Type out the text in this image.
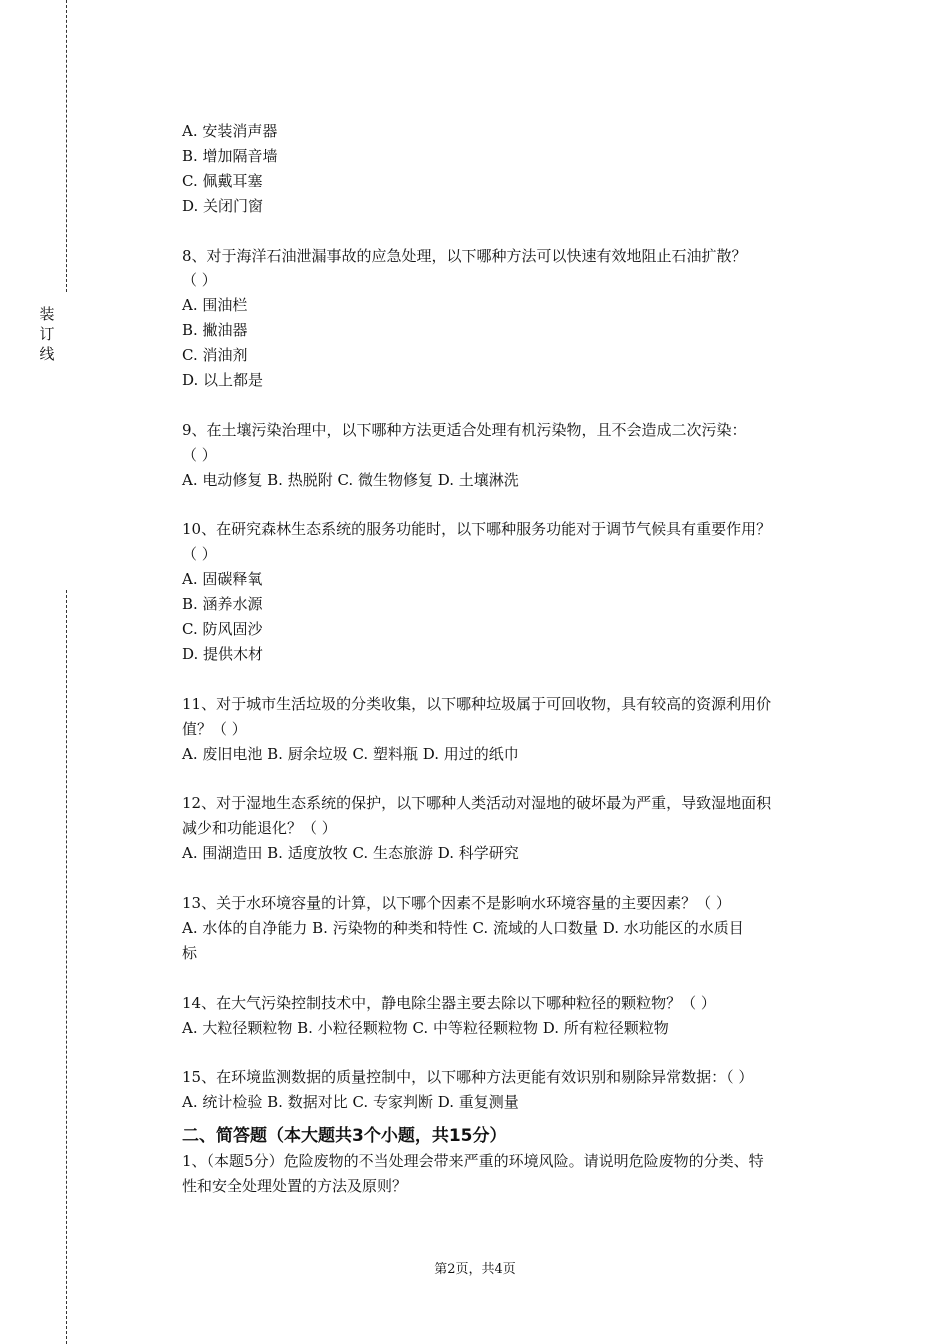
装
订
线
A. 安装消声器
B. 增加隔音墙
C. 佩戴耳塞
D. 关闭门窗
8、对于海洋石油泄漏事故的应急处理，以下哪种方法可以快速有效地阻止石油扩散？
（ ）
A. 围油栏
B. 撇油器
C. 消油剂
D. 以上都是
9、在土壤污染治理中，以下哪种方法更适合处理有机污染物，且不会造成二次污染：
（ ）
A. 电动修复 B. 热脱附 C. 微生物修复 D. 土壤淋洗
10、在研究森林生态系统的服务功能时，以下哪种服务功能对于调节气候具有重要作用？
（ ）
A. 固碳释氧
B. 涵养水源
C. 防风固沙
D. 提供木材
11、对于城市生活垃圾的分类收集，以下哪种垃圾属于可回收物，具有较高的资源利用价
值？（ ）
A. 废旧电池 B. 厨余垃圾 C. 塑料瓶 D. 用过的纸巾
12、对于湿地生态系统的保护，以下哪种人类活动对湿地的破坏最为严重，导致湿地面积
减少和功能退化？（ ）
A. 围湖造田 B. 适度放牧 C. 生态旅游 D. 科学研究
13、关于水环境容量的计算，以下哪个因素不是影响水环境容量的主要因素？（ ）
A. 水体的自净能力 B. 污染物的种类和特性 C. 流域的人口数量 D. 水功能区的水质目
标
14、在大气污染控制技术中，静电除尘器主要去除以下哪种粒径的颗粒物？（ ）
A. 大粒径颗粒物 B. 小粒径颗粒物 C. 中等粒径颗粒物 D. 所有粒径颗粒物
15、在环境监测数据的质量控制中，以下哪种方法更能有效识别和剔除异常数据：（ ）
A. 统计检验 B. 数据对比 C. 专家判断 D. 重复测量
二、简答题（本大题共3个小题，共15分）
1、（本题5分）危险废物的不当处理会带来严重的环境风险。请说明危险废物的分类、特
性和安全处理处置的方法及原则？
第2页，共4页
